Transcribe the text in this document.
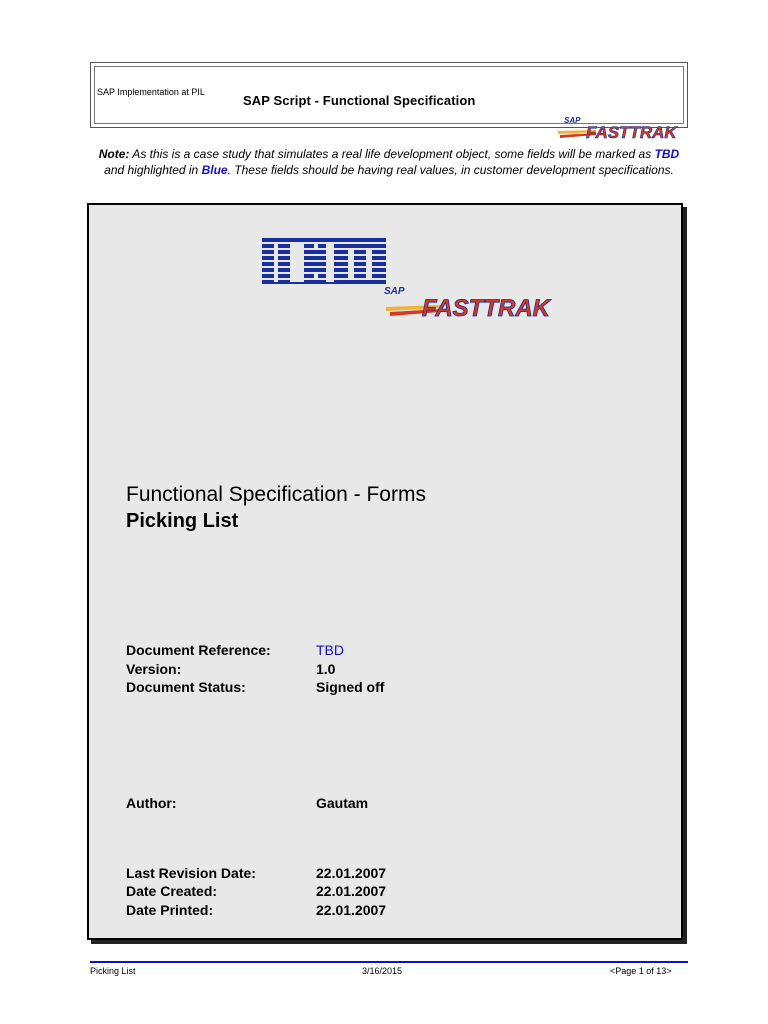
SAP Implementation at PIL
SAP Script - Functional Specification
SAP
FASTTRAK
Note: As this is a case study that simulates a real life development object, some fields will be marked as TBD and highlighted in Blue. These fields should be having real values, in customer development specifications.
SAP
FASTTRAK
Functional Specification - Forms
Picking List
Document Reference:	TBD
Version:	1.0
Document Status:	Signed off
Author:	Gautam
Last Revision Date:	22.01.2007
Date Created:	22.01.2007
Date Printed:	22.01.2007
Picking List	3/16/2015	<Page 1 of 13>
